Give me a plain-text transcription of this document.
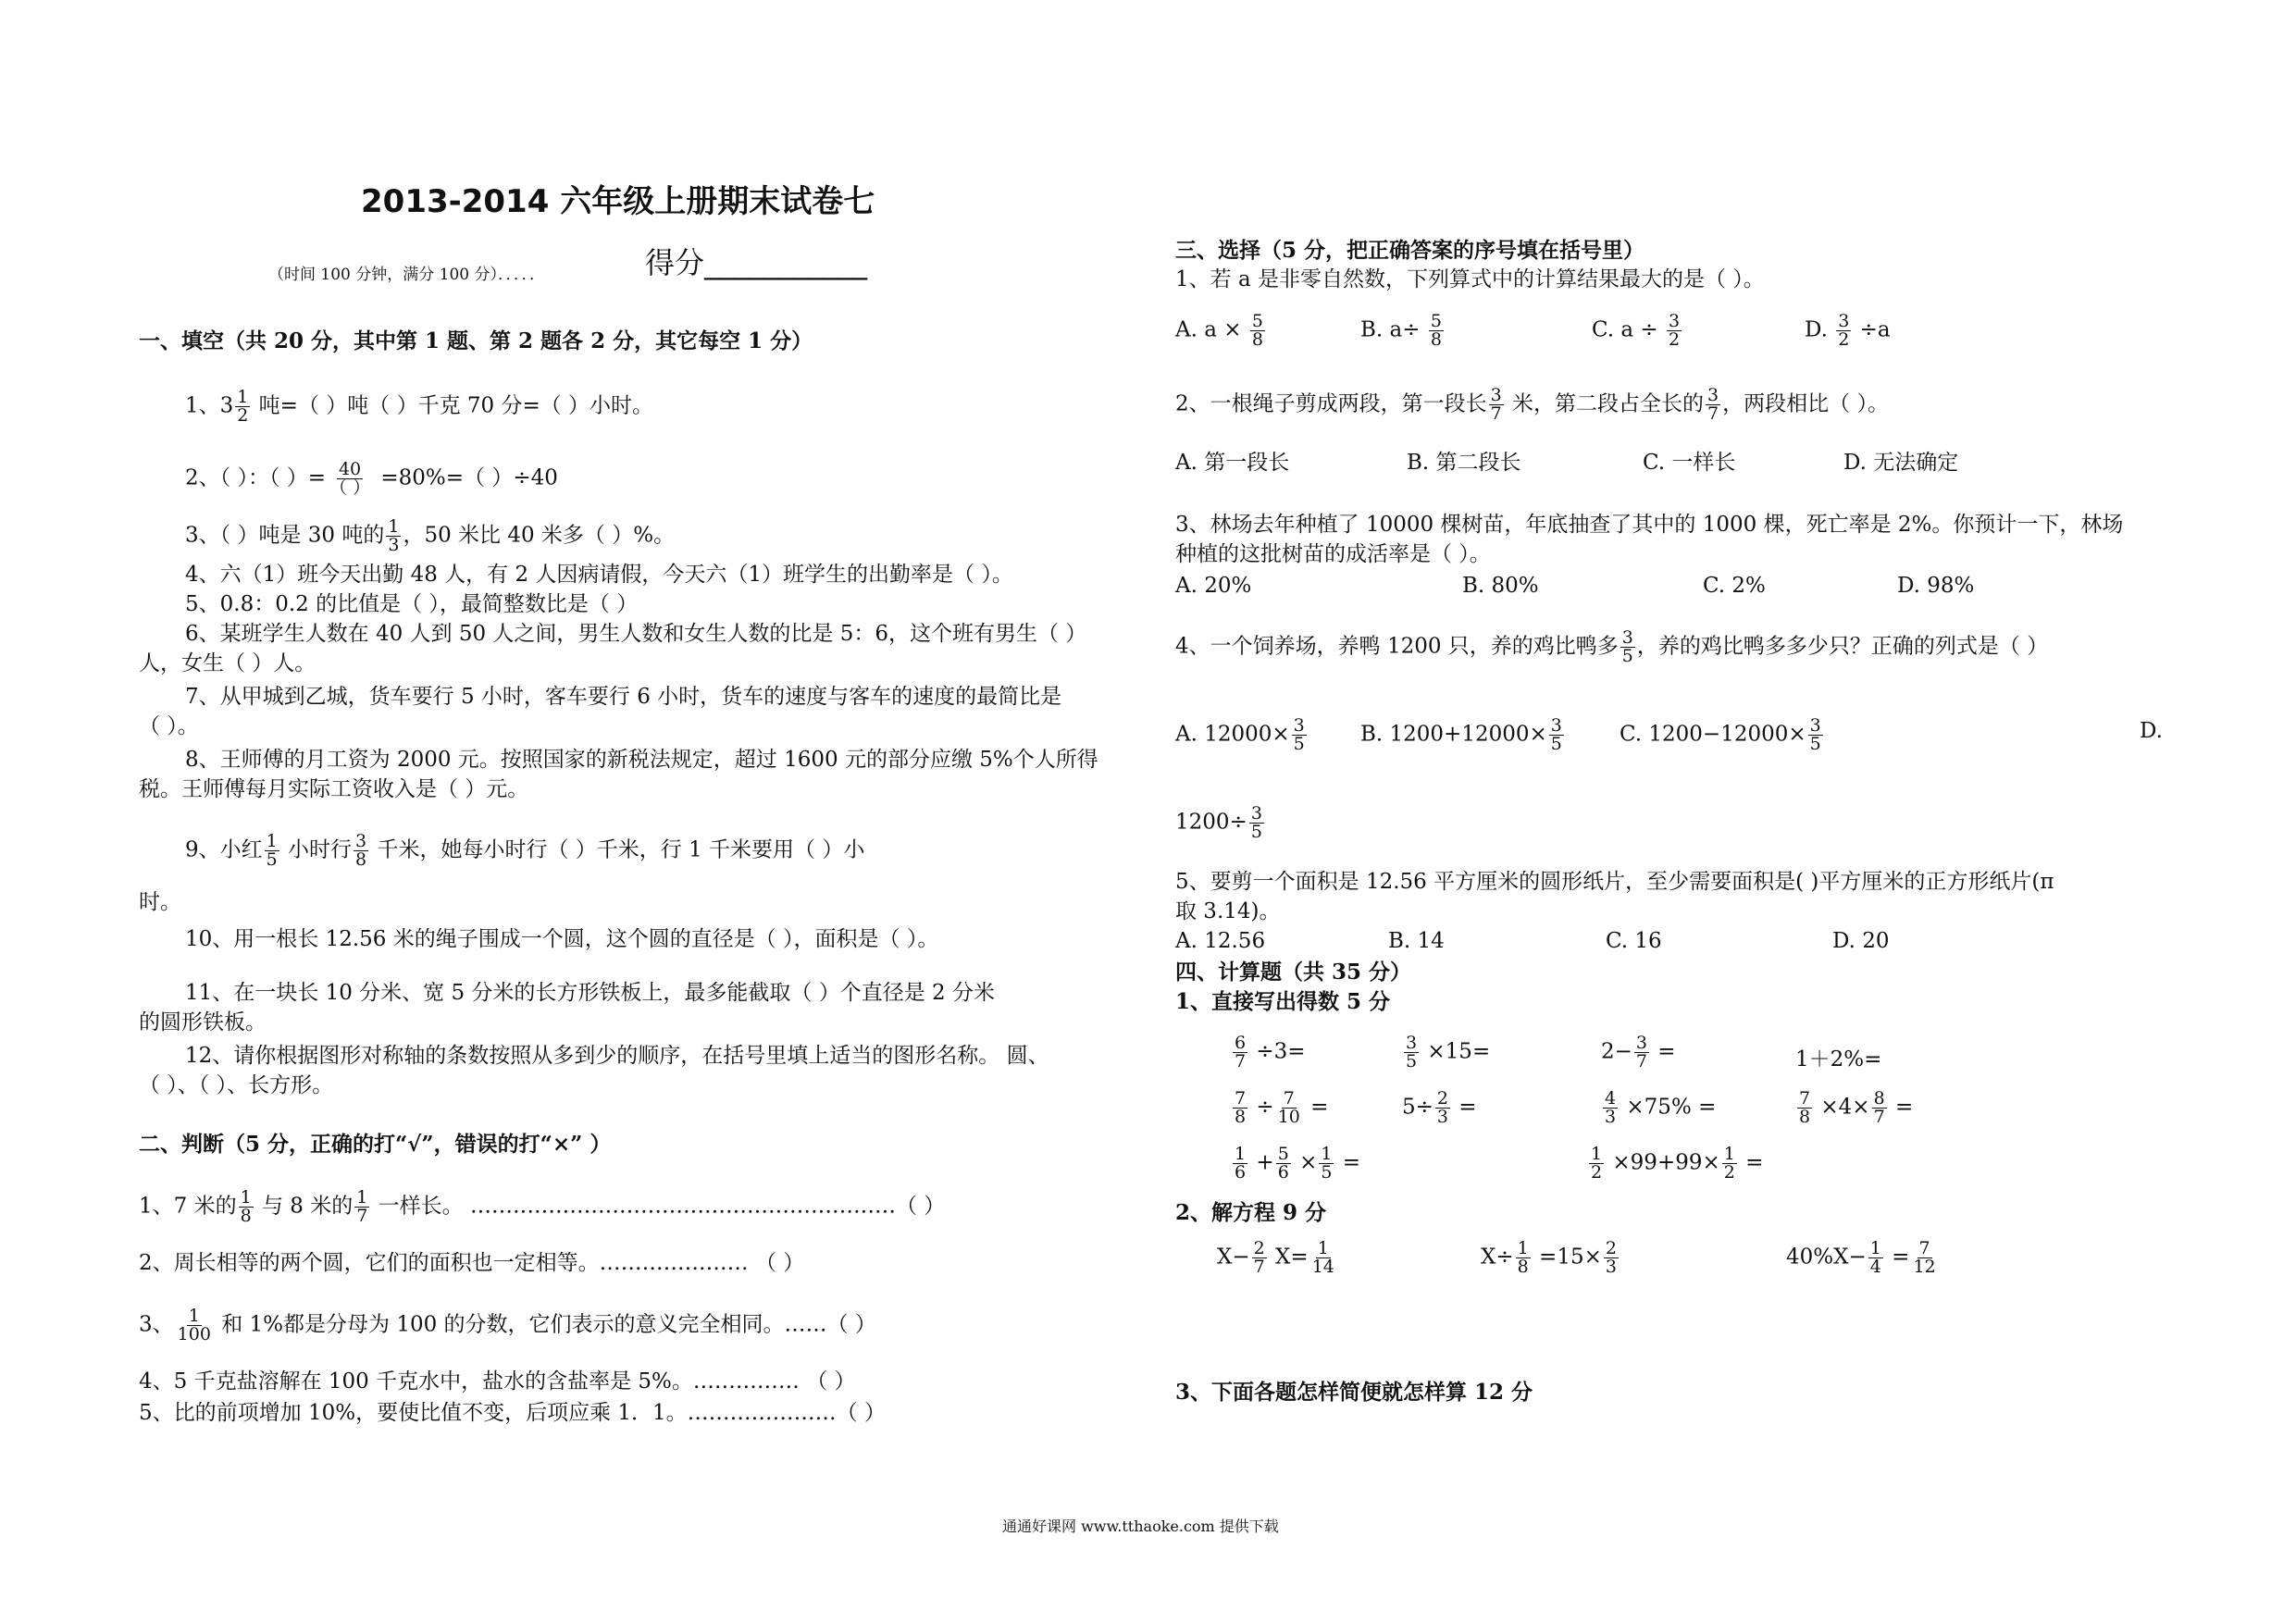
2013-2014 六年级上册期末试卷七
（时间 100 分钟，满分 100 分）．．．．．	得分___________
一、填空（共 20 分，其中第 1 题、第 2 题各 2 分，其它每空 1 分）
1、$3 \frac{1}{2}$ 吨=（ ）吨（ ）千克 70 分=（ ）小时。
2、（ ）：（ ）= $\frac{40}{( )} =80\%=$（ ）÷40
3、（ ）吨是 30 吨的 $\frac{1}{3}$ ，50 米比 40 米多（ ）%。
4、六（1）班今天出勤 48 人，有 2 人因病请假，今天六（1）班学生的出勤率是（ ）。
5、0.8：0.2 的比值是（ ），最简整数比是（ ）
6、某班学生人数在 40 人到 50 人之间，男生人数和女生人数的比是 5：6，这个班有男生（ ）
人，女生（ ）人。
7、从甲城到乙城，货车要行 5 小时，客车要行 6 小时，货车的速度与客车的速度的最简比是
（ ）。
8、王师傅的月工资为 2000 元。按照国家的新税法规定，超过 1600 元的部分应缴 5%个人所得
税。王师傅每月实际工资收入是（ ）元。
9、小红 $\frac{1}{5}$ 小时行 $\frac{3}{8}$ 千米，她每小时行（ ）千米，行 1 千米要用（ ）小
时。
10、用一根长 12.56 米的绳子围成一个圆，这个圆的直径是（ ），面积是（ ）。
11、在一块长 10 分米、宽 5 分米的长方形铁板上，最多能截取（ ）个直径是 2 分米
的圆形铁板。
12、请你根据图形对称轴的条数按照从多到少的顺序，在括号里填上适当的图形名称。 圆、
（ ）、（ ）、长方形。
二、判断（5 分，正确的打“√”，错误的打“×” ）
1、7 米的 $\frac{1}{8}$ 与 8 米的 $\frac{1}{7}$ 一样长。 ……………………………………………………（ ）
2、周长相等的两个圆，它们的面积也一定相等。………………… （ ）
3、 $\frac{1}{100}$ 和 1%都是分母为 100 的分数，它们表示的意义完全相同。……（ ）
4、5 千克盐溶解在 100 千克水中，盐水的含盐率是 5%。…………… （ ）
5、比的前项增加 10%，要使比值不变，后项应乘 1．1。…………………（ ）
三、选择（5 分，把正确答案的序号填在括号里）
1、若 a 是非零自然数，下列算式中的计算结果最大的是（ ）。
A. $a \times \frac{5}{8}$	B. $a\div \frac{5}{8}$	C. $a \div \frac{3}{2}$	D. $\frac{3}{2} \div a$
2、一根绳子剪成两段，第一段长 $\frac{3}{7}$ 米，第二段占全长的 $\frac{3}{7}$ ，两段相比（ ）。
A. 第一段长	B. 第二段长	C. 一样长	D. 无法确定
3、林场去年种植了 10000 棵树苗，年底抽查了其中的 1000 棵，死亡率是 2%。你预计一下，林场
种植的这批树苗的成活率是（ ）。
A. 20%	B. 80%	C. 2%	D. 98%
4、一个饲养场，养鸭 1200 只，养的鸡比鸭多 $\frac{3}{5}$ ，养的鸡比鸭多多少只？正确的列式是（ ）
A. $12000\times \frac{3}{5}$	B. $1200+12000\times \frac{3}{5}$	C. $1200-12000\times \frac{3}{5}$	D.
$1200\div \frac{3}{5}$
5、要剪一个面积是 12.56 平方厘米的圆形纸片，至少需要面积是( )平方厘米的正方形纸片(π
取 3.14)。
A. 12.56	B. 14	C. 16	D. 20
四、计算题（共 35 分）
1、直接写出得数 5 分
$\frac{6}{7} \div 3=$	$\frac{3}{5} \times 15=$	$2- \frac{3}{7}$ =	1＋2%=
$\frac{7}{8} \div \frac{7}{10}$ =	$5\div \frac{2}{3}$ =	$\frac{4}{3} \times 75\%$ =	$\frac{7}{8} \times 4\times \frac{8}{7}$ =
$\frac{1}{6} + \frac{5}{6} \times \frac{1}{5}$ =	$\frac{1}{2} \times 99+99\times \frac{1}{2}$ =
2、解方程 9 分
$X- \frac{2}{7} X= \frac{1}{14}$	$X\div \frac{1}{8} =15\times \frac{2}{3}$	$40\%X- \frac{1}{4} = \frac{7}{12}$
3、下面各题怎样简便就怎样算 12 分
通通好课网 www.tthaoke.com 提供下载
